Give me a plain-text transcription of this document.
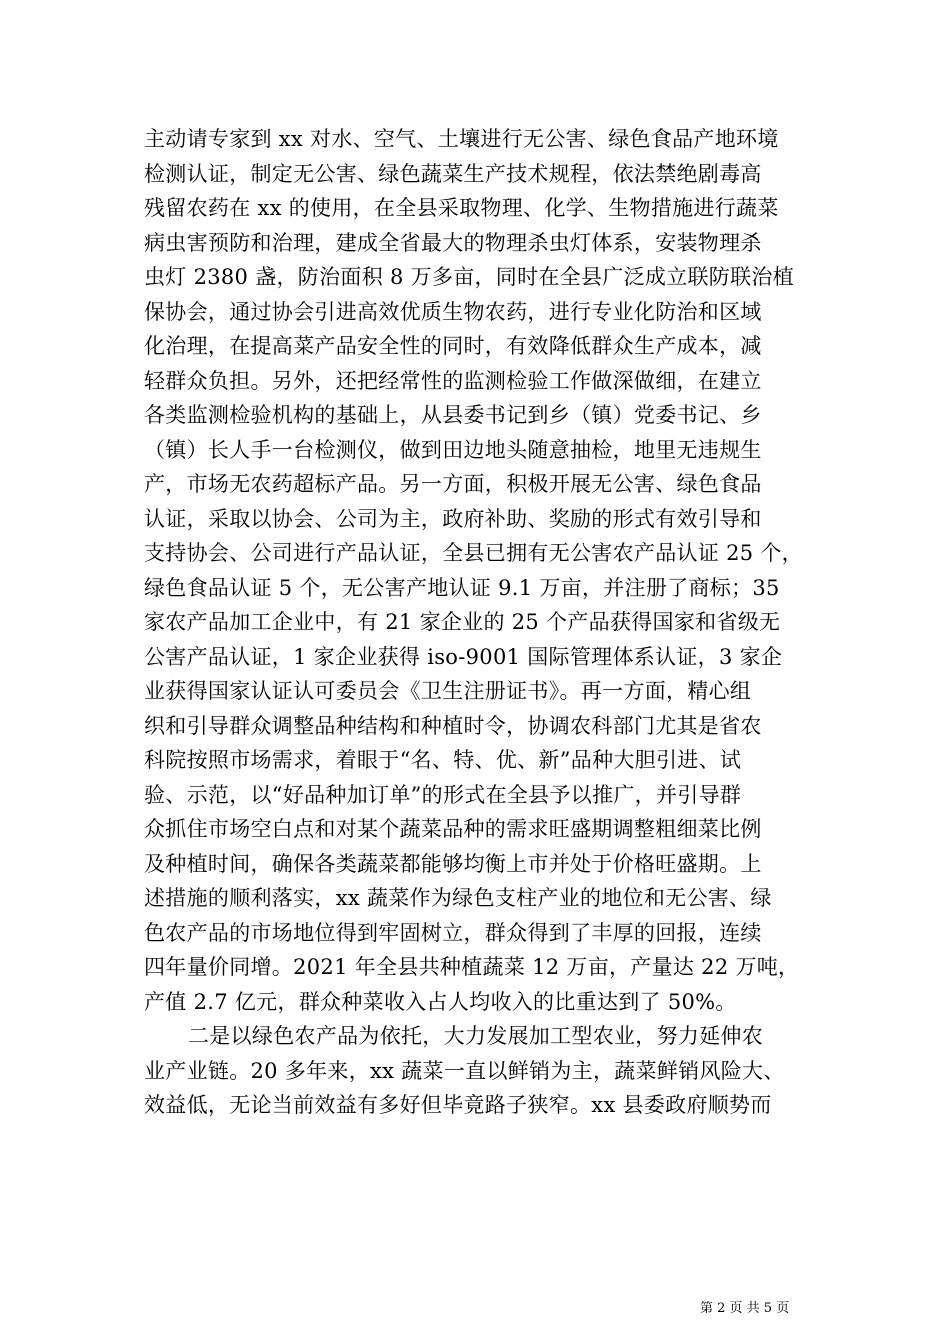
主动请专家到 xx 对水、空气、土壤进行无公害、绿色食品产地环境
检测认证，制定无公害、绿色蔬菜生产技术规程，依法禁绝剧毒高
残留农药在 xx 的使用，在全县采取物理、化学、生物措施进行蔬菜
病虫害预防和治理，建成全省最大的物理杀虫灯体系，安装物理杀
虫灯 2380 盏，防治面积 8 万多亩，同时在全县广泛成立联防联治植
保协会，通过协会引进高效优质生物农药，进行专业化防治和区域
化治理，在提高菜产品安全性的同时，有效降低群众生产成本，减
轻群众负担。另外，还把经常性的监测检验工作做深做细，在建立
各类监测检验机构的基础上，从县委书记到乡（镇）党委书记、乡
（镇）长人手一台检测仪，做到田边地头随意抽检，地里无违规生
产，市场无农药超标产品。另一方面，积极开展无公害、绿色食品
认证，采取以协会、公司为主，政府补助、奖励的形式有效引导和
支持协会、公司进行产品认证，全县已拥有无公害农产品认证 25 个，
绿色食品认证 5 个，无公害产地认证 9.1 万亩，并注册了商标；35
家农产品加工企业中，有 21 家企业的 25 个产品获得国家和省级无
公害产品认证，1 家企业获得 iso-9001 国际管理体系认证，3 家企
业获得国家认证认可委员会《卫生注册证书》。再一方面，精心组
织和引导群众调整品种结构和种植时令，协调农科部门尤其是省农
科院按照市场需求，着眼于“名、特、优、新”品种大胆引进、试
验、示范，以“好品种加订单”的形式在全县予以推广，并引导群
众抓住市场空白点和对某个蔬菜品种的需求旺盛期调整粗细菜比例
及种植时间，确保各类蔬菜都能够均衡上市并处于价格旺盛期。上
述措施的顺利落实，xx 蔬菜作为绿色支柱产业的地位和无公害、绿
色农产品的市场地位得到牢固树立，群众得到了丰厚的回报，连续
四年量价同增。2021 年全县共种植蔬菜 12 万亩，产量达 22 万吨，
产值 2.7 亿元，群众种菜收入占人均收入的比重达到了 50%。
二是以绿色农产品为依托，大力发展加工型农业，努力延伸农
业产业链。20 多年来，xx 蔬菜一直以鲜销为主，蔬菜鲜销风险大、
效益低，无论当前效益有多好但毕竟路子狭窄。xx 县委政府顺势而
第 2 页 共 5 页
